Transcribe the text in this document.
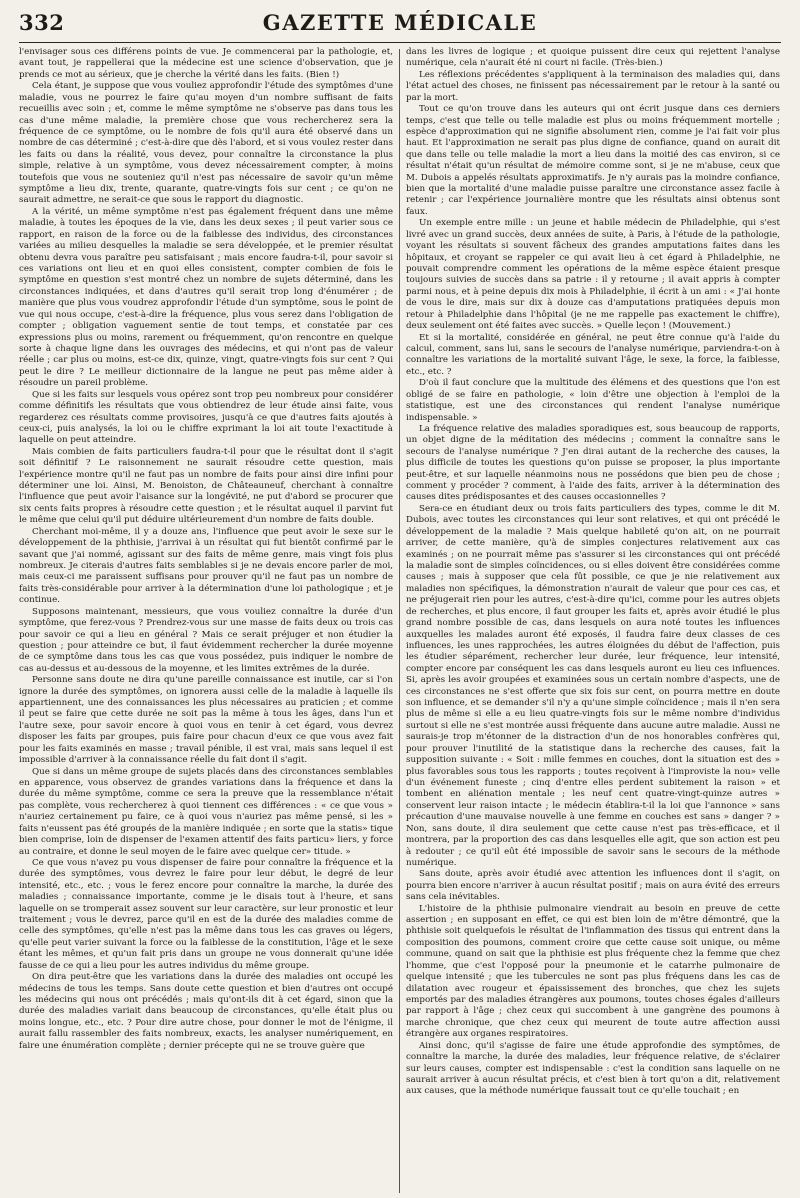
332	GAZETTE MÉDICALE

l'envisager sous ces différens points de vue. Je commencerai par la pathologie, et, avant tout, je rappellerai que la médecine est une science d'observation, que je prends ce mot au sérieux, que je cherche la vérité dans les faits. (Bien !)

Cela étant, je suppose que vous vouliez approfondir l'étude des symptômes d'une maladie, vous ne pourrez le faire qu'au moyen d'un nombre suffisant de faits recueillis avec soin ; et, comme le même symptôme ne s'observe pas dans tous les cas d'une même maladie, la première chose que vous rechercherez sera la fréquence de ce symptôme, ou le nombre de fois qu'il aura été observé dans un nombre de cas déterminé ; c'est-à-dire que dès l'abord, et si vous voulez rester dans les faits ou dans la réalité, vous devez, pour connaître la circonstance la plus simple, relative à un symptôme, vous devez nécessairement compter, à moins toutefois que vous ne souteniez qu'il n'est pas nécessaire de savoir qu'un même symptôme a lieu dix, trente, quarante, quatre-vingts fois sur cent ; ce qu'on ne saurait admettre, ne serait-ce que sous le rapport du diagnostic.

A la vérité, un même symptôme n'est pas également fréquent dans une même maladie, à toutes les époques de la vie, dans les deux sexes ; il peut varier sous ce rapport, en raison de la force ou de la faiblesse des individus, des circonstances variées au milieu desquelles la maladie se sera développée, et le premier résultat obtenu devra vous paraître peu satisfaisant ; mais encore faudra-t-il, pour savoir si ces variations ont lieu et en quoi elles consistent, compter combien de fois le symptôme en question s'est montré chez un nombre de sujets déterminé, dans les circonstances indiquées, et dans d'autres qu'il serait trop long d'énumérer ; de manière que plus vous voudrez approfondir l'étude d'un symptôme, sous le point de vue qui nous occupe, c'est-à-dire la fréquence, plus vous serez dans l'obligation de compter ; obligation vaguement sentie de tout temps, et constatée par ces expressions plus ou moins, rarement ou fréquemment, qu'on rencontre en quelque sorte à chaque ligne dans les ouvrages des médecins, et qui n'ont pas de valeur réelle ; car plus ou moins, est-ce dix, quinze, vingt, quatre-vingts fois sur cent ? Qui peut le dire ? Le meilleur dictionnaire de la langue ne peut pas même aider à résoudre un pareil problème.

Que si les faits sur lesquels vous opérez sont trop peu nombreux pour considérer comme définitifs les résultats que vous obtiendrez de leur étude ainsi faite, vous regarderez ces résultats comme provisoires, jusqu'à ce que d'autres faits ajoutés à ceux-ci, puis analysés, la loi ou le chiffre exprimant la loi ait toute l'exactitude à laquelle on peut atteindre.

Mais combien de faits particuliers faudra-t-il pour que le résultat dont il s'agit soit définitif ? Le raisonnement ne saurait résoudre cette question, mais l'expérience montre qu'il ne faut pas un nombre de faits pour ainsi dire infini pour déterminer une loi. Ainsi, M. Benoiston, de Châteauneuf, cherchant à connaître l'influence que peut avoir l'aisance sur la longévité, ne put d'abord se procurer que six cents faits propres à résoudre cette question ; et le résultat auquel il parvint fut le même que celui qu'il put déduire ultérieurement d'un nombre de faits double.

Cherchant moi-même, il y a douze ans, l'influence que peut avoir le sexe sur le développement de la phthisie, j'arrivai à un résultat qui fut bientôt confirmé par le savant que j'ai nommé, agissant sur des faits de même genre, mais vingt fois plus nombreux. Je citerais d'autres faits semblables si je ne devais encore parler de moi, mais ceux-ci me paraissent suffisans pour prouver qu'il ne faut pas un nombre de faits très-considérable pour arriver à la détermination d'une loi pathologique ; et je continue.

Supposons maintenant, messieurs, que vous vouliez connaître la durée d'un symptôme, que ferez-vous ? Prendrez-vous sur une masse de faits deux ou trois cas pour savoir ce qui a lieu en général ? Mais ce serait préjuger et non étudier la question ; pour atteindre ce but, il faut évidemment rechercher la durée moyenne de ce symptôme dans tous les cas que vous possédez, puis indiquer le nombre de cas au-dessus et au-dessous de la moyenne, et les limites extrêmes de la durée.

Personne sans doute ne dira qu'une pareille connaissance est inutile, car si l'on ignore la durée des symptômes, on ignorera aussi celle de la maladie à laquelle ils appartiennent, une des connaissances les plus nécessaires au praticien ; et comme il peut se faire que cette durée ne soit pas la même à tous les âges, dans l'un et l'autre sexe, pour savoir encore à quoi vous en tenir à cet égard, vous devrez disposer les faits par groupes, puis faire pour chacun d'eux ce que vous avez fait pour les faits examinés en masse ; travail pénible, il est vrai, mais sans lequel il est impossible d'arriver à la connaissance réelle du fait dont il s'agit.

Que si dans un même groupe de sujets placés dans des circonstances semblables en apparence, vous observez de grandes variations dans la fréquence et dans la durée du même symptôme, comme ce sera la preuve que la ressemblance n'était pas complète, vous rechercherez à quoi tiennent ces différences : « ce que vous » n'auriez certainement pu faire, ce à quoi vous n'auriez pas même pensé, si les » faits n'eussent pas été groupés de la manière indiquée ; en sorte que la statis» tique bien comprise, loin de dispenser de l'examen attentif des faits particu» liers, y force au contraire, et donne le seul moyen de le faire avec quelque cer» titude. »

Ce que vous n'avez pu vous dispenser de faire pour connaître la fréquence et la durée des symptômes, vous devrez le faire pour leur début, le degré de leur intensité, etc., etc. ; vous le ferez encore pour connaître la marche, la durée des maladies ; connaissance importante, comme je le disais tout à l'heure, et sans laquelle on se tromperait assez souvent sur leur caractère, sur leur pronostic et leur traitement ; vous le devrez, parce qu'il en est de la durée des maladies comme de celle des symptômes, qu'elle n'est pas la même dans tous les cas graves ou légers, qu'elle peut varier suivant la force ou la faiblesse de la constitution, l'âge et le sexe étant les mêmes, et qu'un fait pris dans un groupe ne vous donnerait qu'une idée fausse de ce qui a lieu pour les autres individus du même groupe.

On dira peut-être que les variations dans la durée des maladies ont occupé les médecins de tous les temps. Sans doute cette question et bien d'autres ont occupé les médecins qui nous ont précédés ; mais qu'ont-ils dit à cet égard, sinon que la durée des maladies variait dans beaucoup de circonstances, qu'elle était plus ou moins longue, etc., etc. ? Pour dire autre chose, pour donner le mot de l'énigme, il aurait fallu rassembler des faits nombreux, exacts, les analyser numériquement, en faire une énumération complète ; dernier précepte qui ne se trouve guère que

dans les livres de logique ; et quoique puissent dire ceux qui rejettent l'analyse numérique, cela n'aurait été ni court ni facile. (Très-bien.)

Les réflexions précédentes s'appliquent à la terminaison des maladies qui, dans l'état actuel des choses, ne finissent pas nécessairement par le retour à la santé ou par la mort.

Tout ce qu'on trouve dans les auteurs qui ont écrit jusque dans ces derniers temps, c'est que telle ou telle maladie est plus ou moins fréquemment mortelle ; espèce d'approximation qui ne signifie absolument rien, comme je l'ai fait voir plus haut. Et l'approximation ne serait pas plus digne de confiance, quand on aurait dit que dans telle ou telle maladie la mort a lieu dans la moitié des cas environ, si ce résultat n'était qu'un résultat de mémoire comme sont, si je ne m'abuse, ceux que M. Dubois a appelés résultats approximatifs. Je n'y aurais pas la moindre confiance, bien que la mortalité d'une maladie puisse paraître une circonstance assez facile à retenir ; car l'expérience journalière montre que les résultats ainsi obtenus sont faux.

Un exemple entre mille : un jeune et habile médecin de Philadelphie, qui s'est livré avec un grand succès, deux années de suite, à Paris, à l'étude de la pathologie, voyant les résultats si souvent fâcheux des grandes amputations faites dans les hôpitaux, et croyant se rappeler ce qui avait lieu à cet égard à Philadelphie, ne pouvait comprendre comment les opérations de la même espèce étaient presque toujours suivies de succès dans sa patrie : il y retourne ; il avait appris à compter parmi nous, et à peine depuis dix mois à Philadelphie, il écrit à un ami : « J'ai honte de vous le dire, mais sur dix à douze cas d'amputations pratiquées depuis mon retour à Philadelphie dans l'hôpital (je ne me rappelle pas exactement le chiffre), deux seulement ont été faites avec succès. » Quelle leçon ! (Mouvement.)

Et si la mortalité, considérée en général, ne peut être connue qu'à l'aide du calcul, comment, sans lui, sans le secours de l'analyse numérique, parviendra-t-on à connaître les variations de la mortalité suivant l'âge, le sexe, la force, la faiblesse, etc., etc. ?

D'où il faut conclure que la multitude des élémens et des questions que l'on est obligé de se faire en pathologie, « loin d'être une objection à l'emploi de la statistique, est une des circonstances qui rendent l'analyse numérique indispensable. »

La fréquence relative des maladies sporadiques est, sous beaucoup de rapports, un objet digne de la méditation des médecins ; comment la connaître sans le secours de l'analyse numérique ? J'en dirai autant de la recherche des causes, la plus difficile de toutes les questions qu'on puisse se proposer, la plus importante peut-être, et sur laquelle néanmoins nous ne possédons que bien peu de chose ; comment y procéder ? comment, à l'aide des faits, arriver à la détermination des causes dites prédisposantes et des causes occasionnelles ?

Sera-ce en étudiant deux ou trois faits particuliers des types, comme le dit M. Dubois, avec toutes les circonstances qui leur sont relatives, et qui ont précédé le développement de la maladie ? Mais quelque habileté qu'on ait, on ne pourrait arriver, de cette manière, qu'à de simples conjectures relativement aux cas examinés ; on ne pourrait même pas s'assurer si les circonstances qui ont précédé la maladie sont de simples coïncidences, ou si elles doivent être considérées comme causes ; mais à supposer que cela fût possible, ce que je nie relativement aux maladies non spécifiques, la démonstration n'aurait de valeur que pour ces cas, et ne préjugerait rien pour les autres, c'est-à-dire qu'ici, comme pour les autres objets de recherches, et plus encore, il faut grouper les faits et, après avoir étudié le plus grand nombre possible de cas, dans lesquels on aura noté toutes les influences auxquelles les malades auront été exposés, il faudra faire deux classes de ces influences, les unes rapprochées, les autres éloignées du début de l'affection, puis les étudier séparément, rechercher leur durée, leur fréquence, leur intensité, compter encore par conséquent les cas dans lesquels auront eu lieu ces influences. Si, après les avoir groupées et examinées sous un certain nombre d'aspects, une de ces circonstances ne s'est offerte que six fois sur cent, on pourra mettre en doute son influence, et se demander s'il n'y a qu'une simple coïncidence ; mais il n'en sera plus de même si elle a eu lieu quatre-vingts fois sur le même nombre d'individus surtout si elle ne s'est montrée aussi fréquente dans aucune autre maladie. Aussi ne saurais-je trop m'étonner de la distraction d'un de nos honorables confrères qui, pour prouver l'inutilité de la statistique dans la recherche des causes, fait la supposition suivante : « Soit : mille femmes en couches, dont la situation est des » plus favorables sous tous les rapports ; toutes reçoivent à l'improviste la nou» velle d'un événement funeste ; cinq d'entre elles perdent subitement la raison » et tombent en aliénation mentale ; les neuf cent quatre-vingt-quinze autres » conservent leur raison intacte ; le médecin établira-t-il la loi que l'annonce » sans précaution d'une mauvaise nouvelle à une femme en couches est sans » danger ? » Non, sans doute, il dira seulement que cette cause n'est pas très-efficace, et il montrera, par la proportion des cas dans lesquelles elle agit, que son action est peu à redouter ; ce qu'il eût été impossible de savoir sans le secours de la méthode numérique.

Sans doute, après avoir étudié avec attention les influences dont il s'agit, on pourra bien encore n'arriver à aucun résultat positif ; mais on aura évité des erreurs sans cela inévitables.

L'histoire de la phthisie pulmonaire viendrait au besoin en preuve de cette assertion ; en supposant en effet, ce qui est bien loin de m'être démontré, que la phthisie soit quelquefois le résultat de l'inflammation des tissus qui entrent dans la composition des poumons, comment croire que cette cause soit unique, ou même commune, quand on sait que la phthisie est plus fréquente chez la femme que chez l'homme, que c'est l'opposé pour la pneumonie et le catarrhe pulmonaire de quelque intensité ; que les tubercules ne sont pas plus fréquens dans les cas de dilatation avec rougeur et épaississement des bronches, que chez les sujets emportés par des maladies étrangères aux poumons, toutes choses égales d'ailleurs par rapport à l'âge ; chez ceux qui succombent à une gangrène des poumons à marche chronique, que chez ceux qui meurent de toute autre affection aussi étrangère aux organes respiratoires.

Ainsi donc, qu'il s'agisse de faire une étude approfondie des symptômes, de connaître la marche, la durée des maladies, leur fréquence relative, de s'éclairer sur leurs causes, compter est indispensable : c'est la condition sans laquelle on ne saurait arriver à aucun résultat précis, et c'est bien à tort qu'on a dit, relativement aux causes, que la méthode numérique faussait tout ce qu'elle touchait ; en
